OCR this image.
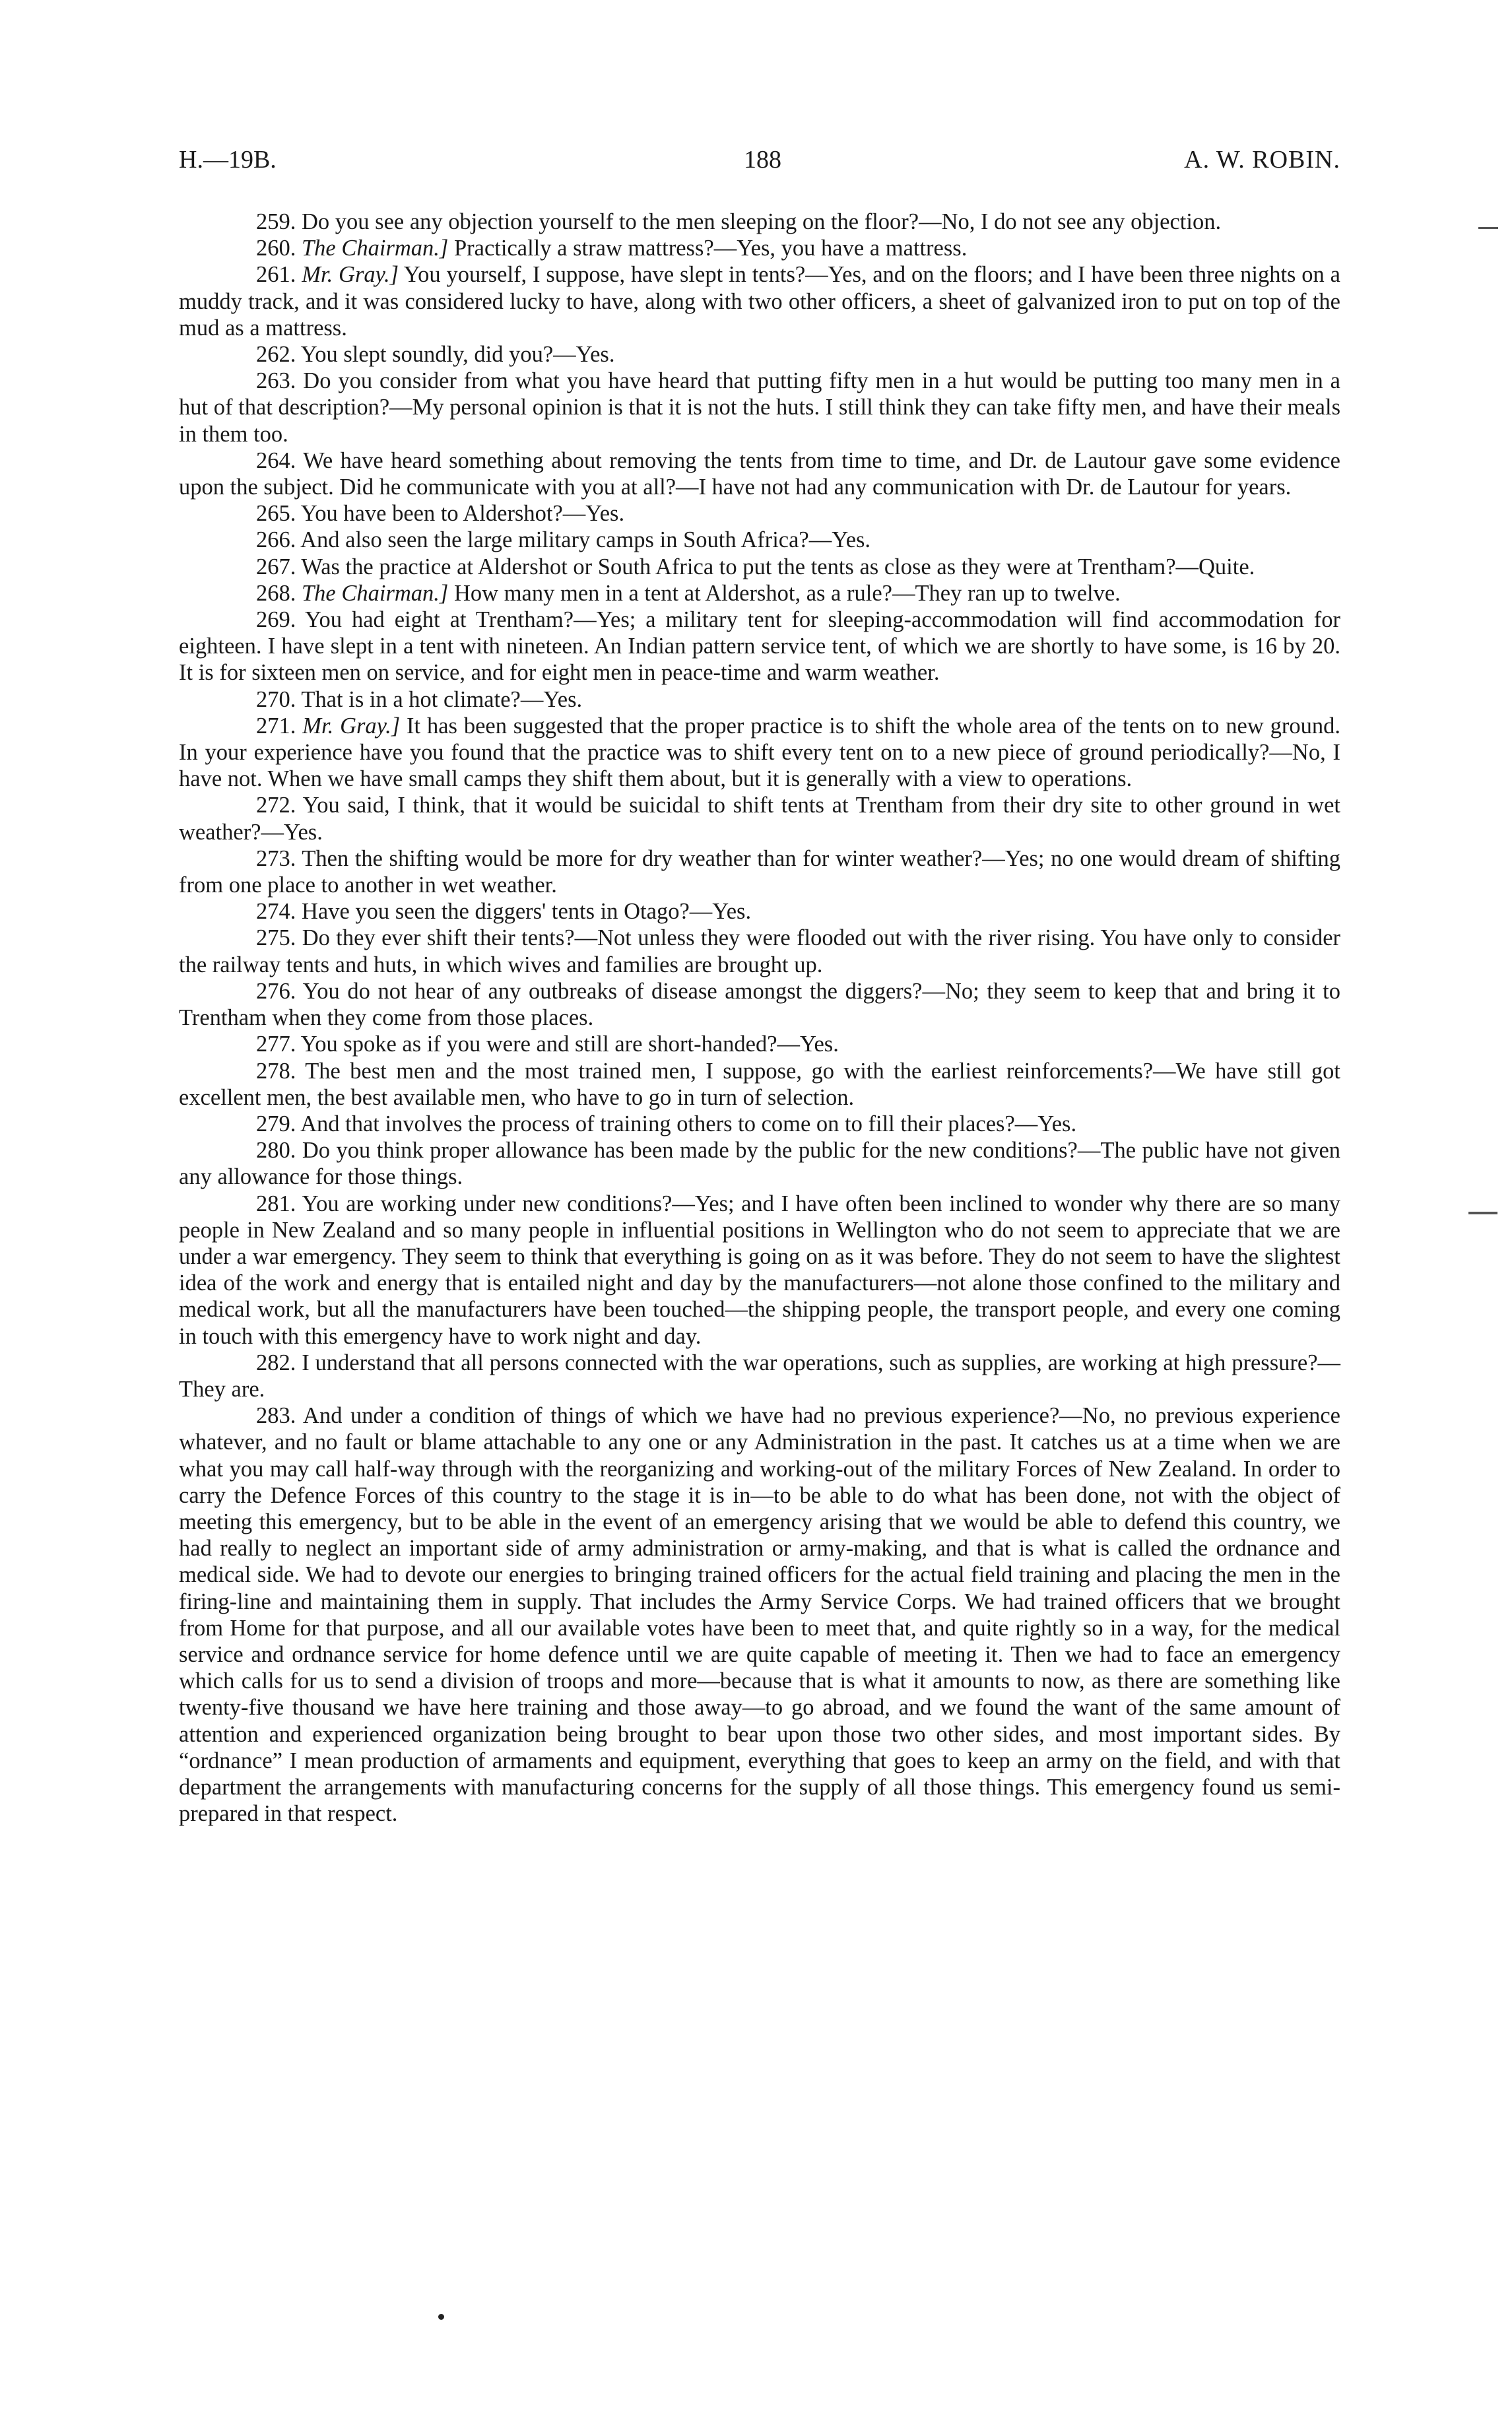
H.—19B.	188	A. W. ROBIN.

259. Do you see any objection yourself to the men sleeping on the floor?—No, I do not see any objection.

260. The Chairman.] Practically a straw mattress?—Yes, you have a mattress.

261. Mr. Gray.] You yourself, I suppose, have slept in tents?—Yes, and on the floors; and I have been three nights on a muddy track, and it was considered lucky to have, along with two other officers, a sheet of galvanized iron to put on top of the mud as a mattress.

262. You slept soundly, did you?—Yes.

263. Do you consider from what you have heard that putting fifty men in a hut would be putting too many men in a hut of that description?—My personal opinion is that it is not the huts. I still think they can take fifty men, and have their meals in them too.

264. We have heard something about removing the tents from time to time, and Dr. de Lautour gave some evidence upon the subject. Did he communicate with you at all?—I have not had any communication with Dr. de Lautour for years.

265. You have been to Aldershot?—Yes.

266. And also seen the large military camps in South Africa?—Yes.

267. Was the practice at Aldershot or South Africa to put the tents as close as they were at Trentham?—Quite.

268. The Chairman.] How many men in a tent at Aldershot, as a rule?—They ran up to twelve.

269. You had eight at Trentham?—Yes; a military tent for sleeping-accommodation will find accommodation for eighteen. I have slept in a tent with nineteen. An Indian pattern service tent, of which we are shortly to have some, is 16 by 20. It is for sixteen men on service, and for eight men in peace-time and warm weather.

270. That is in a hot climate?—Yes.

271. Mr. Gray.] It has been suggested that the proper practice is to shift the whole area of the tents on to new ground. In your experience have you found that the practice was to shift every tent on to a new piece of ground periodically?—No, I have not. When we have small camps they shift them about, but it is generally with a view to operations.

272. You said, I think, that it would be suicidal to shift tents at Trentham from their dry site to other ground in wet weather?—Yes.

273. Then the shifting would be more for dry weather than for winter weather?—Yes; no one would dream of shifting from one place to another in wet weather.

274. Have you seen the diggers' tents in Otago?—Yes.

275. Do they ever shift their tents?—Not unless they were flooded out with the river rising. You have only to consider the railway tents and huts, in which wives and families are brought up.

276. You do not hear of any outbreaks of disease amongst the diggers?—No; they seem to keep that and bring it to Trentham when they come from those places.

277. You spoke as if you were and still are short-handed?—Yes.

278. The best men and the most trained men, I suppose, go with the earliest reinforcements?—We have still got excellent men, the best available men, who have to go in turn of selection.

279. And that involves the process of training others to come on to fill their places?—Yes.

280. Do you think proper allowance has been made by the public for the new conditions?—The public have not given any allowance for those things.

281. You are working under new conditions?—Yes; and I have often been inclined to wonder why there are so many people in New Zealand and so many people in influential positions in Wellington who do not seem to appreciate that we are under a war emergency. They seem to think that everything is going on as it was before. They do not seem to have the slightest idea of the work and energy that is entailed night and day by the manufacturers—not alone those confined to the military and medical work, but all the manufacturers have been touched—the shipping people, the transport people, and every one coming in touch with this emergency have to work night and day.

282. I understand that all persons connected with the war operations, such as supplies, are working at high pressure?—They are.

283. And under a condition of things of which we have had no previous experience?—No, no previous experience whatever, and no fault or blame attachable to any one or any Administration in the past. It catches us at a time when we are what you may call half-way through with the reorganizing and working-out of the military Forces of New Zealand. In order to carry the Defence Forces of this country to the stage it is in—to be able to do what has been done, not with the object of meeting this emergency, but to be able in the event of an emergency arising that we would be able to defend this country, we had really to neglect an important side of army administration or army-making, and that is what is called the ordnance and medical side. We had to devote our energies to bringing trained officers for the actual field training and placing the men in the firing-line and maintaining them in supply. That includes the Army Service Corps. We had trained officers that we brought from Home for that purpose, and all our available votes have been to meet that, and quite rightly so in a way, for the medical service and ordnance service for home defence until we are quite capable of meeting it. Then we had to face an emergency which calls for us to send a division of troops and more—because that is what it amounts to now, as there are something like twenty-five thousand we have here training and those away—to go abroad, and we found the want of the same amount of attention and experienced organization being brought to bear upon those two other sides, and most important sides. By “ordnance” I mean production of armaments and equipment, everything that goes to keep an army on the field, and with that department the arrangements with manufacturing concerns for the supply of all those things. This emergency found us semi-prepared in that respect.
